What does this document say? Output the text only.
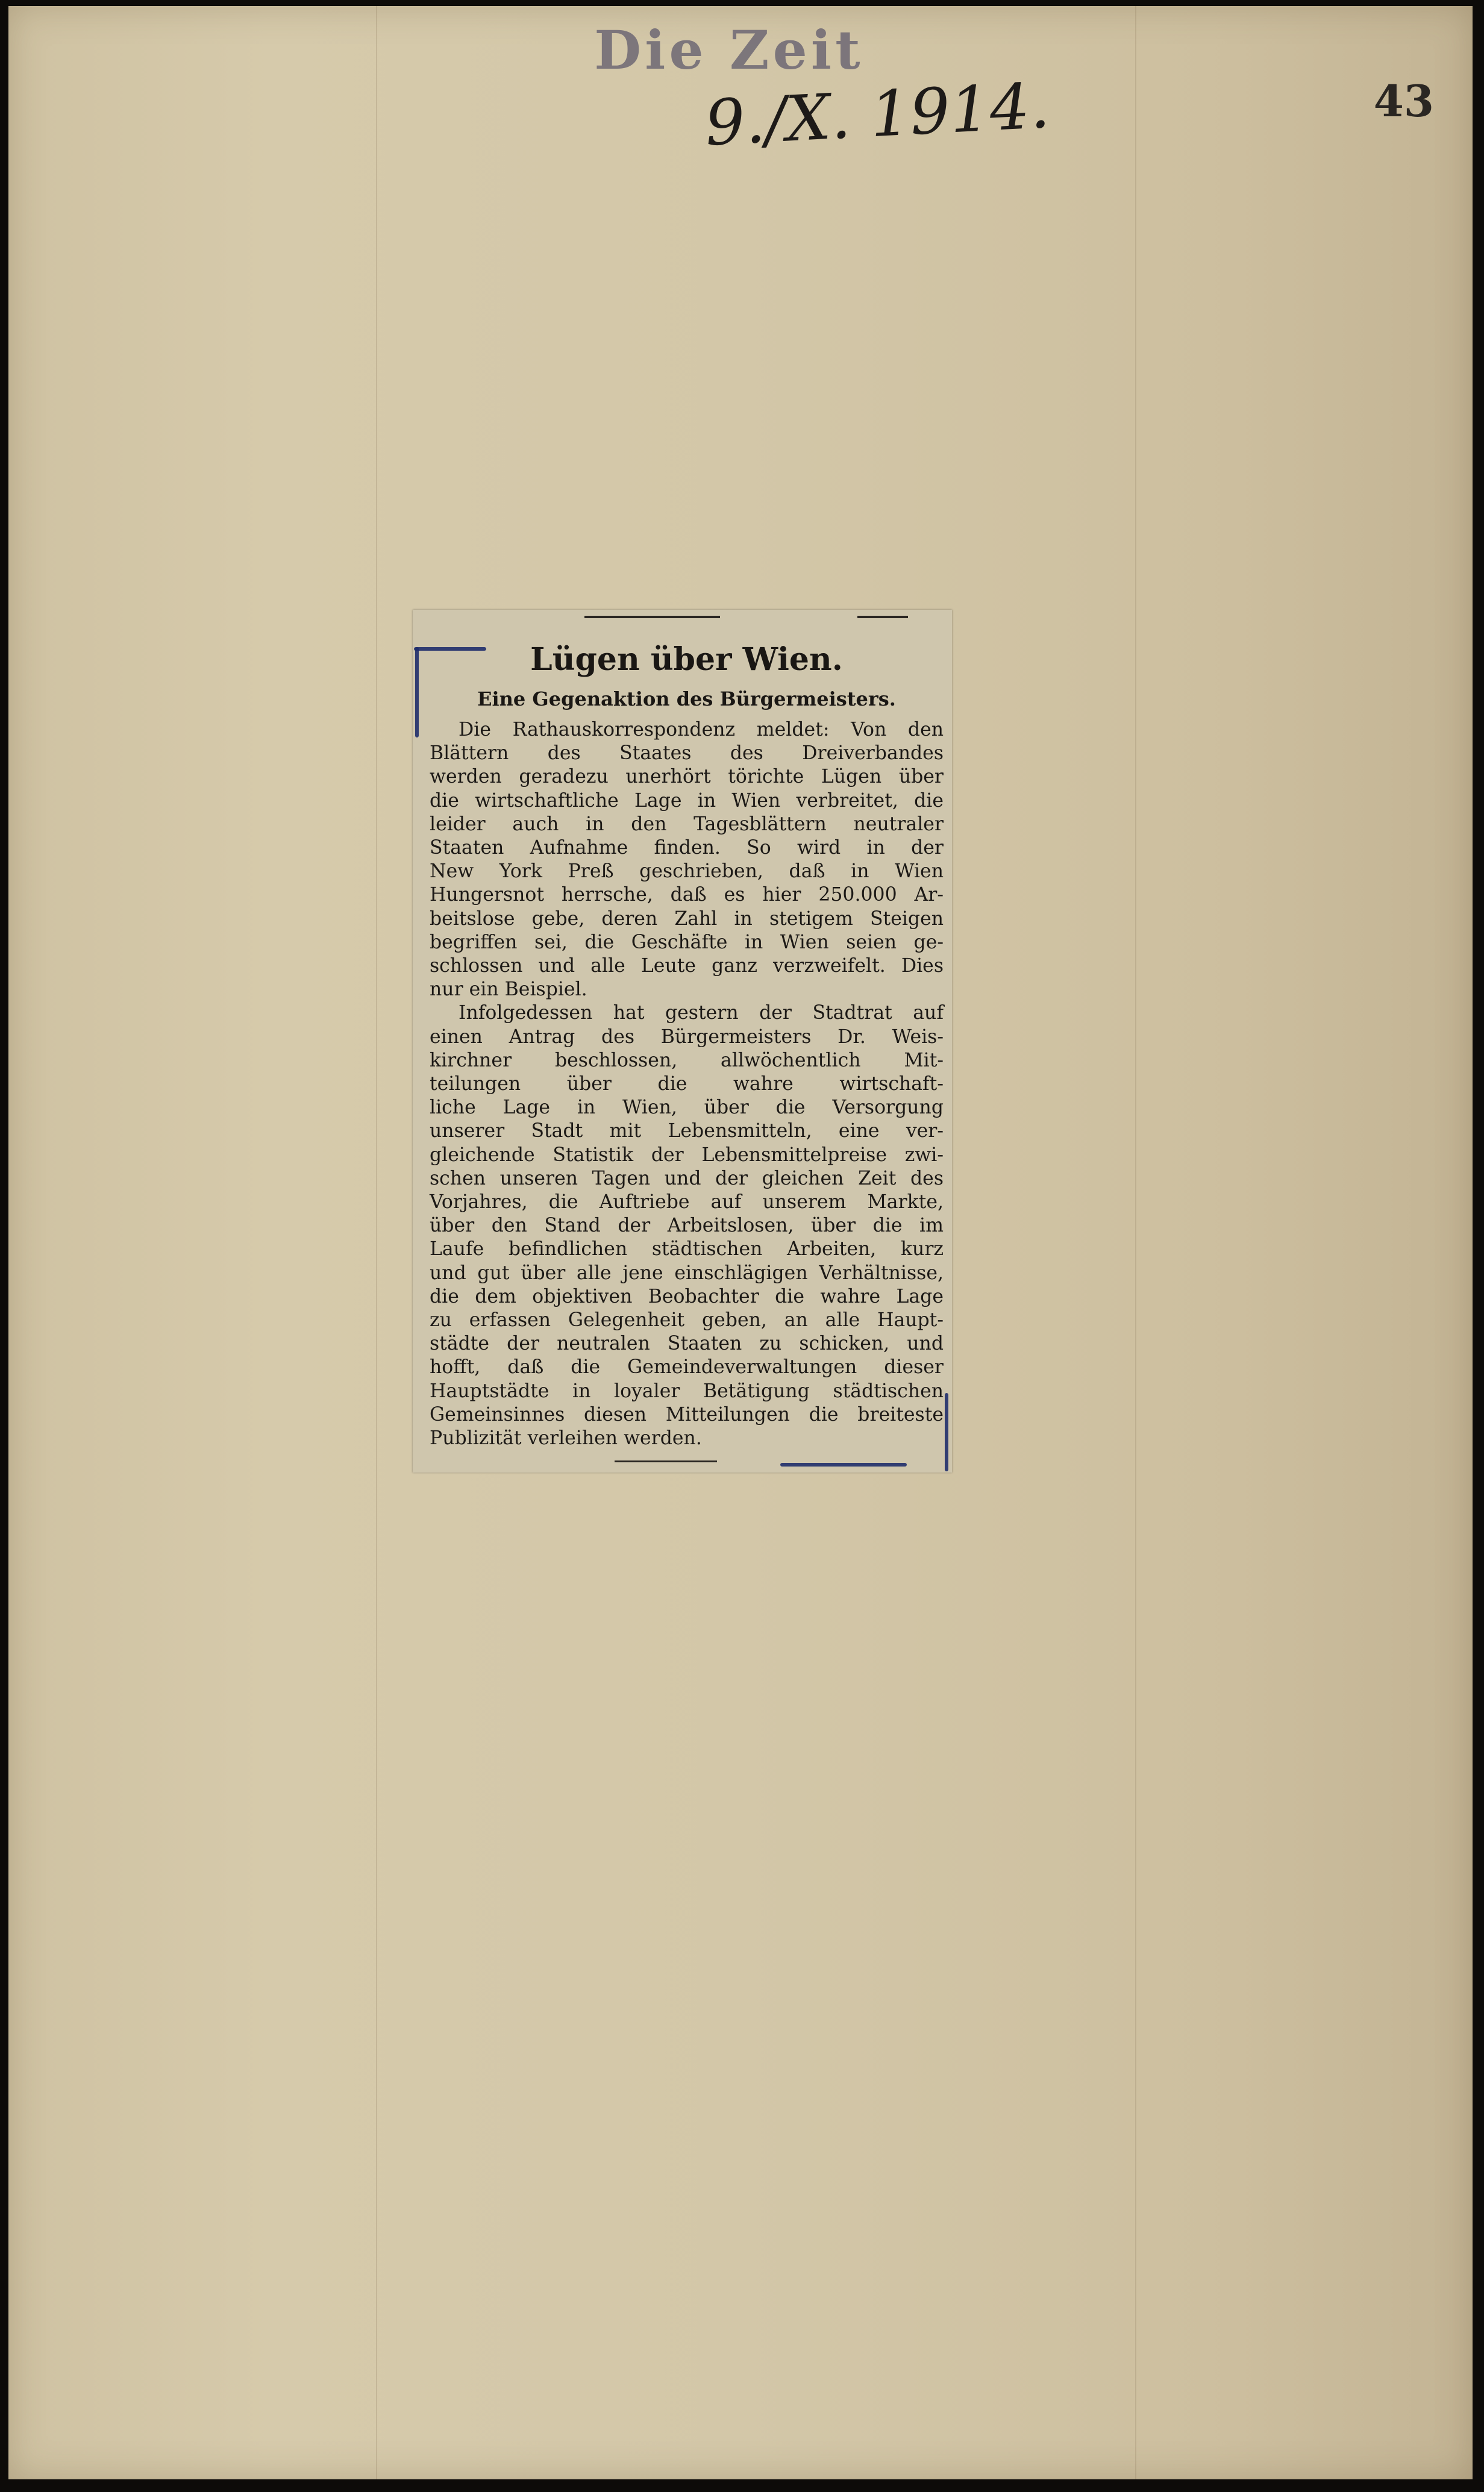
Die Zeit
9./X. 1914.	43
Lügen über Wien.
Eine Gegenaktion des Bürgermeisters.

Die Rathauskorrespondenz meldet: Von den
Blättern des Staates des Dreiverbandes
werden geradezu unerhört törichte Lügen über
die wirtschaftliche Lage in Wien verbreitet, die
leider auch in den Tagesblättern neutraler
Staaten Aufnahme finden. So wird in der
New York Preß geschrieben, daß in Wien
Hungersnot herrsche, daß es hier 250.000 Ar-
beitslose gebe, deren Zahl in stetigem Steigen
begriffen sei, die Geschäfte in Wien seien ge-
schlossen und alle Leute ganz verzweifelt. Dies
nur ein Beispiel.

Infolgedessen hat gestern der Stadtrat auf
einen Antrag des Bürgermeisters Dr. Weis-
kirchner beschlossen, allwöchentlich Mit-
teilungen über die wahre wirtschaft-
liche Lage in Wien, über die Versorgung
unserer Stadt mit Lebensmitteln, eine ver-
gleichende Statistik der Lebensmittelpreise zwi-
schen unseren Tagen und der gleichen Zeit des
Vorjahres, die Auftriebe auf unserem Markte,
über den Stand der Arbeitslosen, über die im
Laufe befindlichen städtischen Arbeiten, kurz
und gut über alle jene einschlägigen Verhältnisse,
die dem objektiven Beobachter die wahre Lage
zu erfassen Gelegenheit geben, an alle Haupt-
städte der neutralen Staaten zu schicken, und
hofft, daß die Gemeindeverwaltungen dieser
Hauptstädte in loyaler Betätigung städtischen
Gemeinsinnes diesen Mitteilungen die breiteste
Publizität verleihen werden.
